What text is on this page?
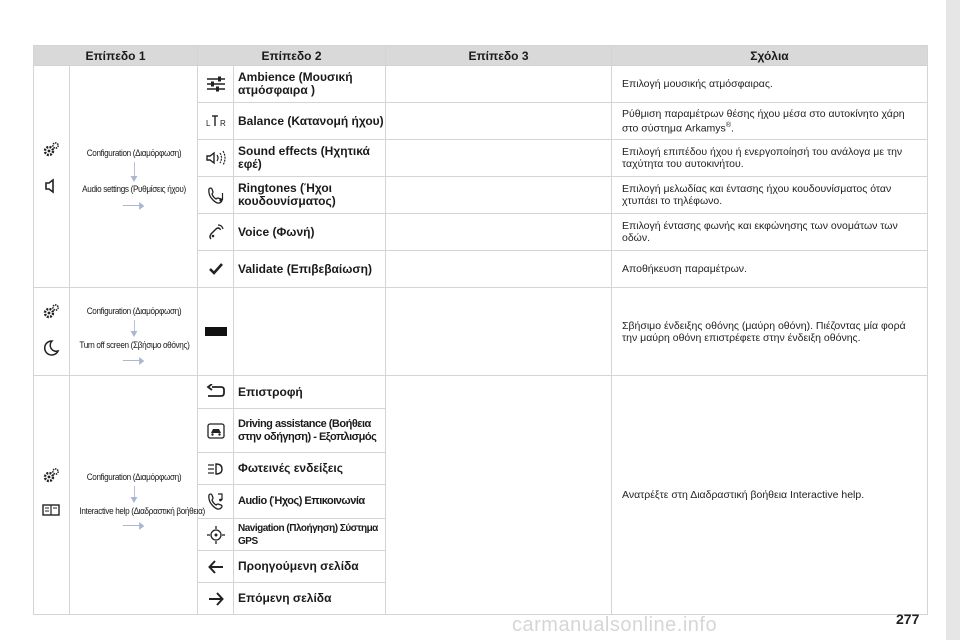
Επίπεδο 1		Επίπεδο 2		Επίπεδο 3	Σχόλια

Configuration (Διαμόρφωση)
Audio settings (Ρυθμίσεις ήχου)		Ambience (Μουσική ατμόσφαιρα )		Επιλογή μουσικής ατμόσφαιρας.

L R	Balance (Κατανομή ήχου)		Ρύθμιση παραμέτρων θέσης ήχου μέσα στο αυτοκίνητο χάρη στο σύστημα Arkamys®.

	Sound effects (Ηχητικά εφέ)		Επιλογή επιπέδου ήχου ή ενεργοποίησή του ανάλογα με την ταχύτητα του αυτοκινήτου.

	Ringtones (Ήχοι κουδουνίσματος)		Επιλογή μελωδίας και έντασης ήχου κουδουνίσματος όταν χτυπάει το τηλέφωνο.

	Voice (Φωνή)		Επιλογή έντασης φωνής και εκφώνησης των ονομάτων των οδών.

	Validate (Επιβεβαίωση)		Αποθήκευση παραμέτρων.

Configuration (Διαμόρφωση)
Turn off screen (Σβήσιμο οθόνης)				Σβήσιμο ένδειξης οθόνης (μαύρη οθόνη). Πιέζοντας μία φορά την μαύρη οθόνη επιστρέφετε στην ένδειξη οθόνης.

Configuration (Διαμόρφωση)
Interactive help (Διαδραστική βοήθεια)		Επιστροφή		Ανατρέξτε στη Διαδραστική βοήθεια Interactive help.

	Driving assistance (Βοήθεια στην οδήγηση) - Εξοπλισμός		

	Φωτεινές ενδείξεις		

	Audio (Ήχος) Επικοινωνία		

	Navigation (Πλοήγηση) Σύστημα GPS		

	Προηγούμενη σελίδα		

	Επόμενη σελίδα		
carmanualsonline.info	277
